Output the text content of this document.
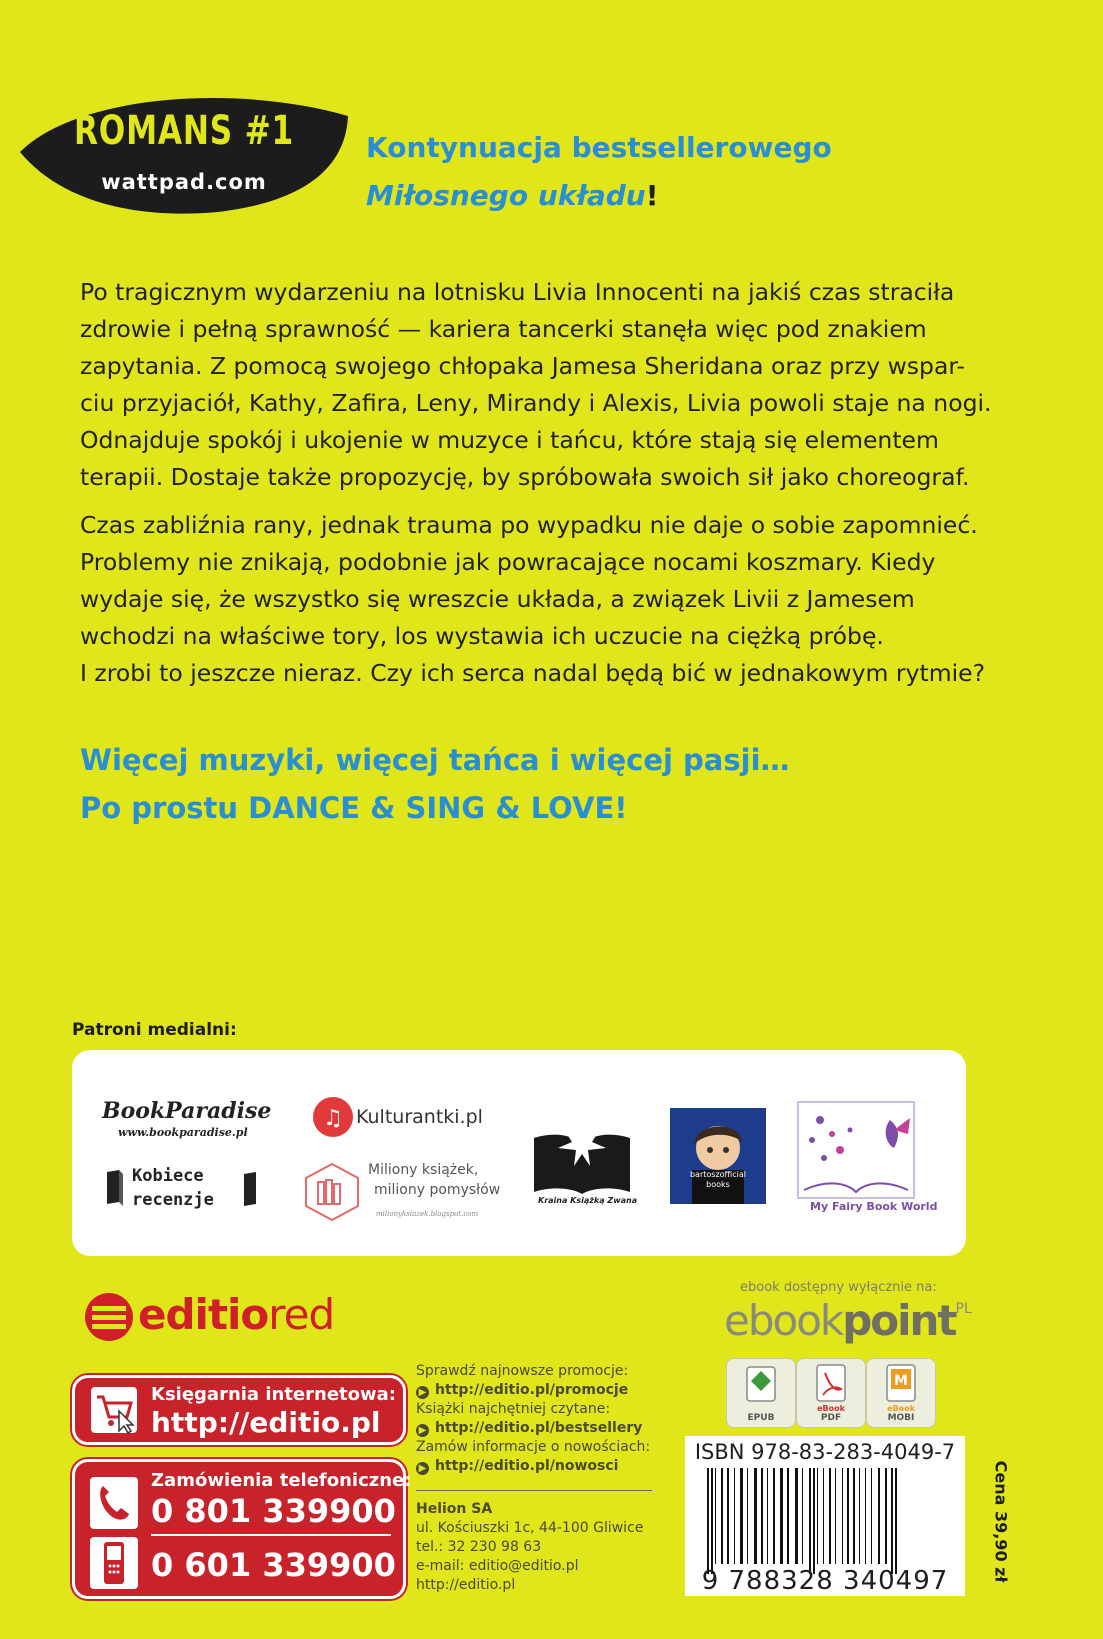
ROMANS #1
wattpad.com
Kontynuacja bestsellerowego
Miłosnego układu!
Po tragicznym wydarzeniu na lotnisku Livia Innocenti na jakiś czas straciła
zdrowie i pełną sprawność — kariera tancerki stanęła więc pod znakiem
zapytania. Z pomocą swojego chłopaka Jamesa Sheridana oraz przy wspar-
ciu przyjaciół, Kathy, Zafira, Leny, Mirandy i Alexis, Livia powoli staje na nogi.
Odnajduje spokój i ukojenie w muzyce i tańcu, które stają się elementem
terapii. Dostaje także propozycję, by spróbowała swoich sił jako choreograf.
Czas zabliźnia rany, jednak trauma po wypadku nie daje o sobie zapomnieć.
Problemy nie znikają, podobnie jak powracające nocami koszmary. Kiedy
wydaje się, że wszystko się wreszcie układa, a związek Livii z Jamesem
wchodzi na właściwe tory, los wystawia ich uczucie na ciężką próbę.
I zrobi to jeszcze nieraz. Czy ich serca nadal będą bić w jednakowym rytmie?
Więcej muzyki, więcej tańca i więcej pasji…
Po prostu DANCE & SING & LOVE!
Patroni medialni:
BookParadise
www.bookparadise.pl
Kobiece
recenzje
♫ Kulturantki.pl
Miliony książek,
miliony pomysłów
milionyksiazek.blogspot.com
Kraina Książką Zwana
bartoszofficial
books
My Fairy Book World
editiored
Księgarnia internetowa:
http://editio.pl
Zamówienia telefoniczne:
0 801 339900
0 601 339900
Sprawdź najnowsze promocje:
▶ http://editio.pl/promocje
Książki najchętniej czytane:
▶ http://editio.pl/bestsellery
Zamów informacje o nowościach:
▶ http://editio.pl/nowosci
Helion SA
ul. Kościuszki 1c, 44-100 Gliwice
tel.: 32 230 98 63
e-mail: editio@editio.pl
http://editio.pl
ebook dostępny wyłącznie na:
ebookpoint$^{PL}$
EPUB
eBook
PDF
M
eBook
MOBI
ISBN 978-83-283-4049-7
9 788328 340497	Cena 39,90 zł
